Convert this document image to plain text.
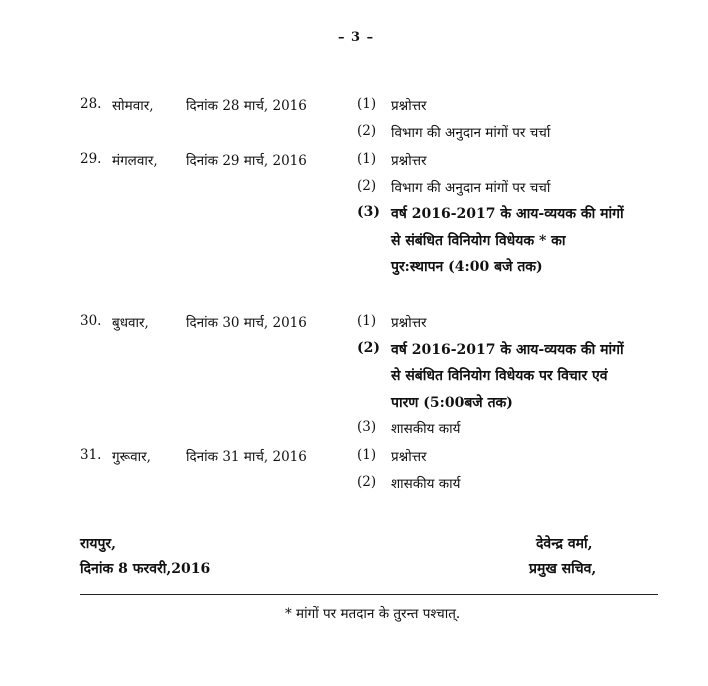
– 3 –
28. सोमवार, दिनांक 28 मार्च, 2016	(1) प्रश्नोत्तर
(2) विभाग की अनुदान मांगों पर चर्चा
29. मंगलवार, दिनांक 29 मार्च, 2016	(1) प्रश्नोत्तर
(2) विभाग की अनुदान मांगों पर चर्चा
(3) वर्ष 2016-2017 के आय-व्ययक की मांगों
से संबंधित विनियोग विधेयक * का
पुर:स्थापन (4:00 बजे तक)
30. बुधवार,	दिनांक 30 मार्च, 2016	(1) प्रश्नोत्तर
(2) वर्ष 2016-2017 के आय-व्ययक की मांगों
से संबंधित विनियोग विधेयक पर विचार एवं
पारण (5:00बजे तक)
(3) शासकीय कार्य
31. गुरूवार,	दिनांक 31 मार्च, 2016	(1) प्रश्नोत्तर
(2) शासकीय कार्य
रायपुर,
दिनांक 8 फरवरी,2016
देवेन्द्र वर्मा,
प्रमुख सचिव,
* मांगों पर मतदान के तुरन्त पश्चात्.
